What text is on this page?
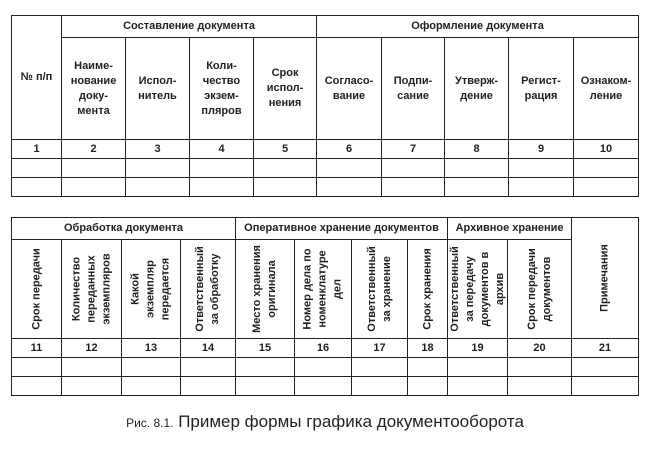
№ п/п	Составление документа				Оформление документа				
	Наиме-
нование
доку-
мента	Испол-
нитель	Коли-
чество
экзем-
пляров	Срок
испол-
нения	Согласо-
вание	Подпи-
сание	Утверж-
дение	Регист-
рация	Ознаком-
ление
1	2	3	4	5	6	7	8	9	10

Обработка документа				Оперативное хранение документов				Архивное хранение		Примечания

Срок передачи	Количество переданных экземпляров	Какой экземпляр передается	Ответственный за обработку	Место хранения оригинала	Номер дела по номенклатуре дел	Ответственный за хранение	Срок хранения	Ответственный за передачу документов в архив	Срок передачи документов	

11	12	13	14	15	16	17	18	19	20	21

Рис. 8.1. Пример формы графика документооборота
